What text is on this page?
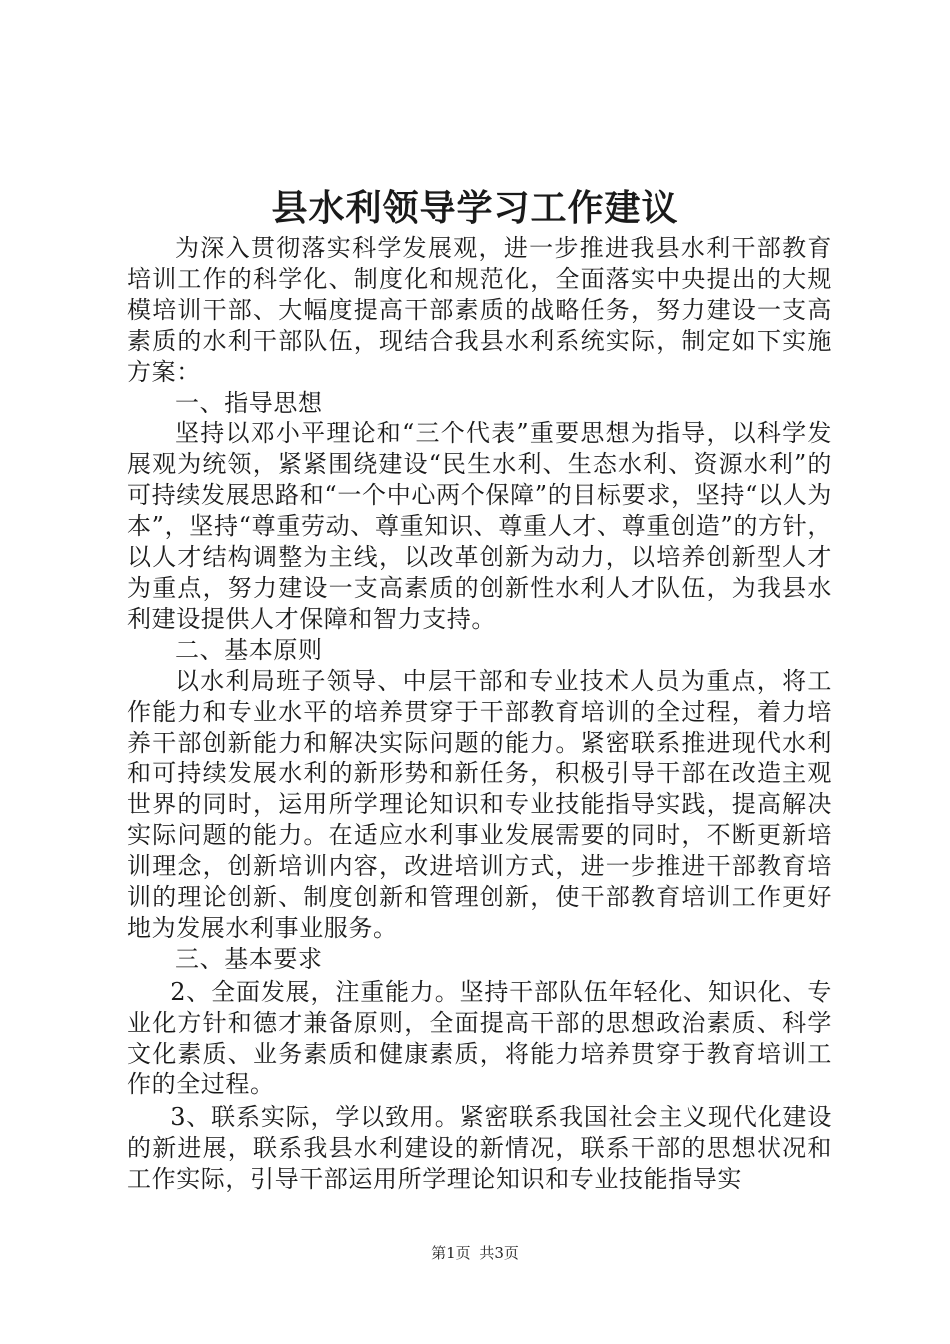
县水利领导学习工作建议

为深入贯彻落实科学发展观，进一步推进我县水利干部教育培训工作的科学化、制度化和规范化，全面落实中央提出的大规模培训干部、大幅度提高干部素质的战略任务，努力建设一支高素质的水利干部队伍，现结合我县水利系统实际，制定如下实施方案：

一、指导思想

坚持以邓小平理论和“三个代表”重要思想为指导，以科学发展观为统领，紧紧围绕建设“民生水利、生态水利、资源水利”的可持续发展思路和“一个中心两个保障”的目标要求，坚持“以人为本”，坚持“尊重劳动、尊重知识、尊重人才、尊重创造”的方针，以人才结构调整为主线，以改革创新为动力，以培养创新型人才为重点，努力建设一支高素质的创新性水利人才队伍，为我县水利建设提供人才保障和智力支持。

二、基本原则

以水利局班子领导、中层干部和专业技术人员为重点，将工作能力和专业水平的培养贯穿于干部教育培训的全过程，着力培养干部创新能力和解决实际问题的能力。紧密联系推进现代水利和可持续发展水利的新形势和新任务，积极引导干部在改造主观世界的同时，运用所学理论知识和专业技能指导实践，提高解决实际问题的能力。在适应水利事业发展需要的同时，不断更新培训理念，创新培训内容，改进培训方式，进一步推进干部教育培训的理论创新、制度创新和管理创新，使干部教育培训工作更好地为发展水利事业服务。

三、基本要求

2、全面发展，注重能力。坚持干部队伍年轻化、知识化、专业化方针和德才兼备原则，全面提高干部的思想政治素质、科学文化素质、业务素质和健康素质，将能力培养贯穿于教育培训工作的全过程。

3、联系实际，学以致用。紧密联系我国社会主义现代化建设的新进展，联系我县水利建设的新情况，联系干部的思想状况和工作实际，引导干部运用所学理论知识和专业技能指导实

第1页 共3页
